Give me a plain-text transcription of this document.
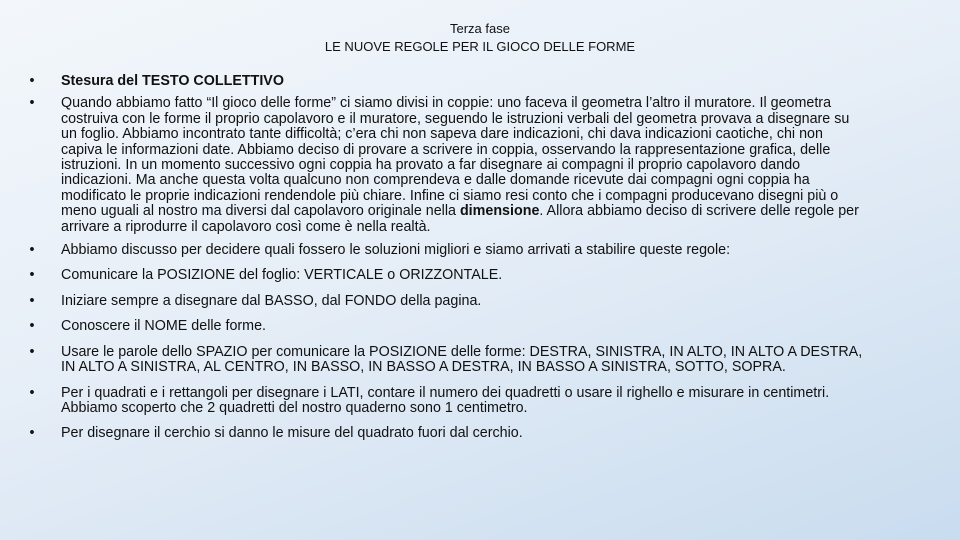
Terza fase
LE NUOVE REGOLE PER IL GIOCO DELLE FORME
• Stesura del TESTO COLLETTIVO
• Quando abbiamo fatto “Il gioco delle forme” ci siamo divisi in coppie: uno faceva il geometra l’altro il muratore. Il geometra costruiva con le forme il proprio capolavoro e il muratore, seguendo le istruzioni verbali del geometra provava a disegnare su un foglio. Abbiamo incontrato tante difficoltà; c’era chi non sapeva dare indicazioni, chi dava indicazioni caotiche, chi non capiva le informazioni date. Abbiamo deciso di provare a scrivere in coppia, osservando la rappresentazione grafica, delle istruzioni. In un momento successivo ogni coppia ha provato a far disegnare ai compagni il proprio capolavoro dando indicazioni. Ma anche questa volta qualcuno non comprendeva e dalle domande ricevute dai compagni ogni coppia ha modificato le proprie indicazioni rendendole più chiare. Infine ci siamo resi conto che i compagni producevano disegni più o meno uguali al nostro ma diversi dal capolavoro originale nella dimensione. Allora abbiamo deciso di scrivere delle regole per arrivare a riprodurre il capolavoro così come è nella realtà.
• Abbiamo discusso per decidere quali fossero le soluzioni migliori e siamo arrivati a stabilire queste regole:
• Comunicare la POSIZIONE del foglio: VERTICALE o ORIZZONTALE.
• Iniziare sempre a disegnare dal BASSO, dal FONDO della pagina.
• Conoscere il NOME delle forme.
• Usare le parole dello SPAZIO per comunicare la POSIZIONE delle forme: DESTRA, SINISTRA, IN ALTO, IN ALTO A DESTRA, IN ALTO A SINISTRA, AL CENTRO, IN BASSO, IN BASSO A DESTRA, IN BASSO A SINISTRA, SOTTO, SOPRA.
• Per i quadrati e i rettangoli per disegnare i LATI, contare il numero dei quadretti o usare il righello e misurare in centimetri. Abbiamo scoperto che 2 quadretti del nostro quaderno sono 1 centimetro.
• Per disegnare il cerchio si danno le misure del quadrato fuori dal cerchio.
